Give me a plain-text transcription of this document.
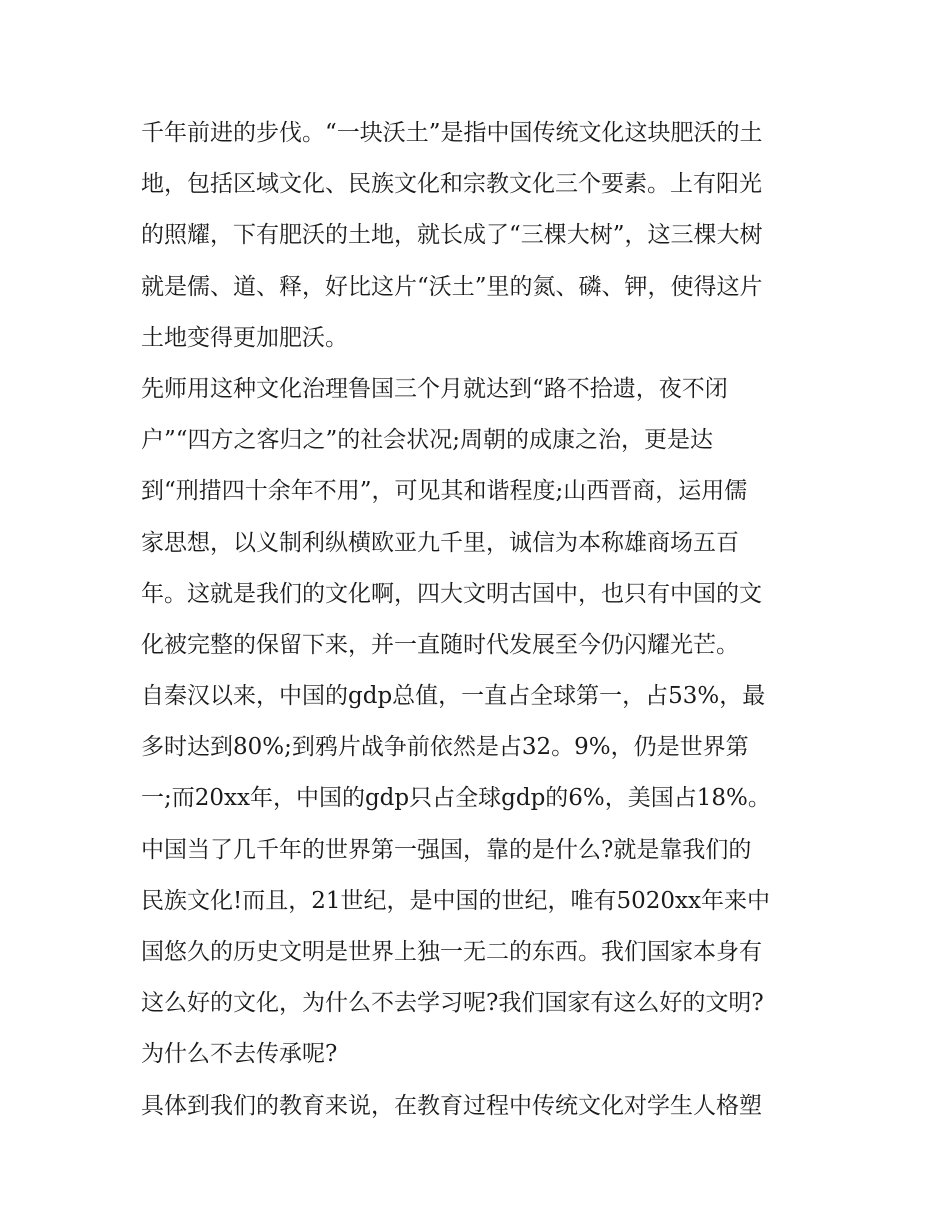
千年前进的步伐。“一块沃土”是指中国传统文化这块肥沃的土
地，包括区域文化、民族文化和宗教文化三个要素。上有阳光
的照耀，下有肥沃的土地，就长成了“三棵大树”，这三棵大树
就是儒、道、释，好比这片“沃土”里的氮、磷、钾，使得这片
土地变得更加肥沃。
先师用这种文化治理鲁国三个月就达到“路不拾遗，夜不闭
户”“四方之客归之”的社会状况;周朝的成康之治，更是达
到“刑措四十余年不用”，可见其和谐程度;山西晋商，运用儒
家思想，以义制利纵横欧亚九千里，诚信为本称雄商场五百
年。这就是我们的文化啊，四大文明古国中，也只有中国的文
化被完整的保留下来，并一直随时代发展至今仍闪耀光芒。
自秦汉以来，中国的gdp总值，一直占全球第一，占53%，最
多时达到80%;到鸦片战争前依然是占32。9%，仍是世界第
一;而20xx年，中国的gdp只占全球gdp的6%，美国占18%。
中国当了几千年的世界第一强国，靠的是什么?就是靠我们的
民族文化!而且，21世纪，是中国的世纪，唯有5020xx年来中
国悠久的历史文明是世界上独一无二的东西。我们国家本身有
这么好的文化，为什么不去学习呢?我们国家有这么好的文明?
为什么不去传承呢?
具体到我们的教育来说，在教育过程中传统文化对学生人格塑
